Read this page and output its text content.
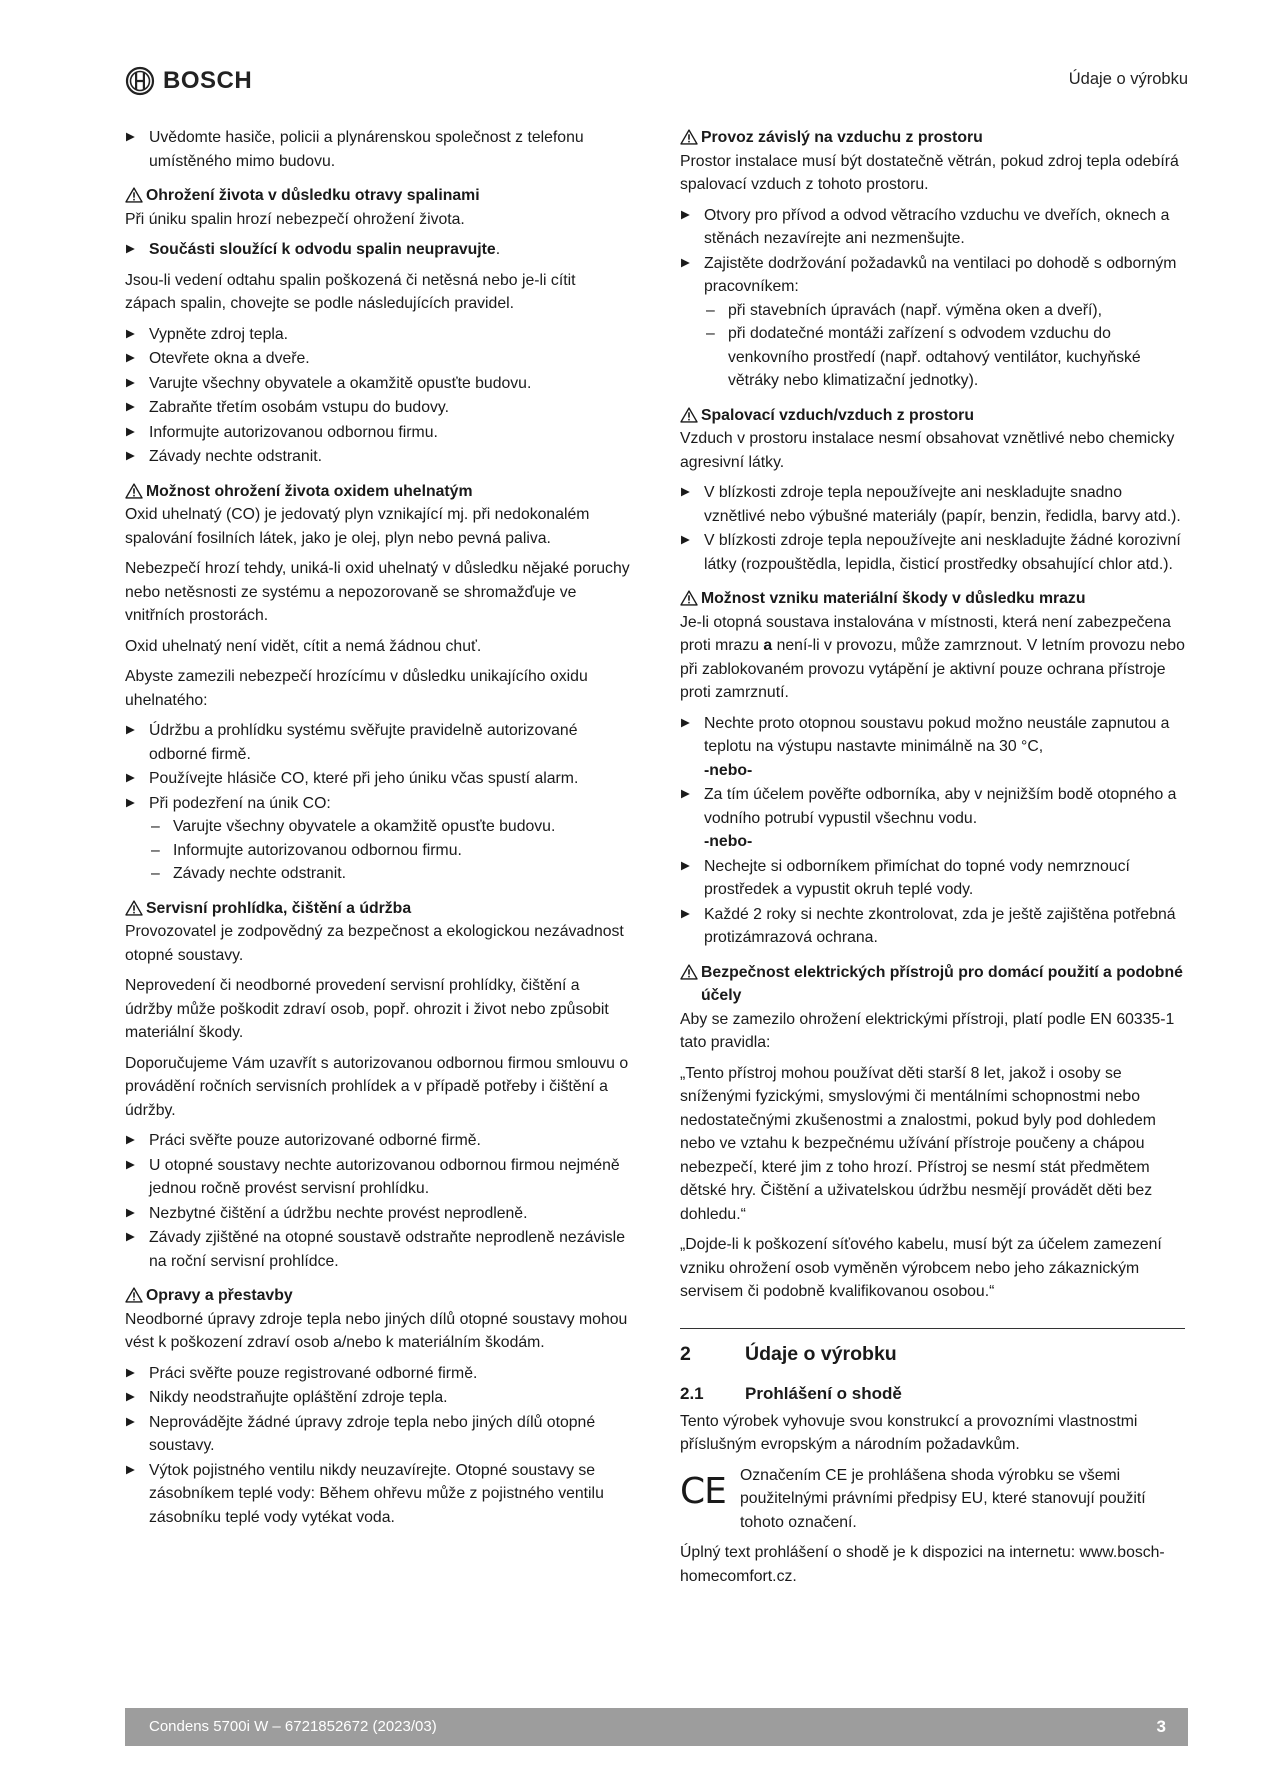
BOSCH	Údaje o výrobku
▶ Uvědomte hasiče, policii a plynárenskou společnost z telefonu umístěného mimo budovu.
Ohrožení života v důsledku otravy spalinami

Při úniku spalin hrozí nebezpečí ohrožení života.

▶ Součásti sloužící k odvodu spalin neupravujte.

Jsou-li vedení odtahu spalin poškozená či netěsná nebo je-li cítit zápach spalin, chovejte se podle následujících pravidel.

▶ Vypněte zdroj tepla.
▶ Otevřete okna a dveře.
▶ Varujte všechny obyvatele a okamžitě opusťte budovu.
▶ Zabraňte třetím osobám vstupu do budovy.
▶ Informujte autorizovanou odbornou firmu.
▶ Závady nechte odstranit.
Možnost ohrožení života oxidem uhelnatým

Oxid uhelnatý (CO) je jedovatý plyn vznikající mj. při nedokonalém spalování fosilních látek, jako je olej, plyn nebo pevná paliva.

Nebezpečí hrozí tehdy, uniká-li oxid uhelnatý v důsledku nějaké poruchy nebo netěsnosti ze systému a nepozorovaně se shromažďuje ve vnitřních prostorách.

Oxid uhelnatý není vidět, cítit a nemá žádnou chuť.

Abyste zamezili nebezpečí hrozícímu v důsledku unikajícího oxidu uhelnatého:

▶ Údržbu a prohlídku systému svěřujte pravidelně autorizované odborné firmě.
▶ Používejte hlásiče CO, které při jeho úniku včas spustí alarm.
▶ Při podezření na únik CO:
– Varujte všechny obyvatele a okamžitě opusťte budovu.
– Informujte autorizovanou odbornou firmu.
– Závady nechte odstranit.
Servisní prohlídka, čištění a údržba

Provozovatel je zodpovědný za bezpečnost a ekologickou nezávadnost otopné soustavy.

Neprovedení či neodborné provedení servisní prohlídky, čištění a údržby může poškodit zdraví osob, popř. ohrozit i život nebo způsobit materiální škody.

Doporučujeme Vám uzavřít s autorizovanou odbornou firmou smlouvu o provádění ročních servisních prohlídek a v případě potřeby i čištění a údržby.

▶ Práci svěřte pouze autorizované odborné firmě.
▶ U otopné soustavy nechte autorizovanou odbornou firmou nejméně jednou ročně provést servisní prohlídku.
▶ Nezbytné čištění a údržbu nechte provést neprodleně.
▶ Závady zjištěné na otopné soustavě odstraňte neprodleně nezávisle na roční servisní prohlídce.
Opravy a přestavby

Neodborné úpravy zdroje tepla nebo jiných dílů otopné soustavy mohou vést k poškození zdraví osob a/nebo k materiálním škodám.

▶ Práci svěřte pouze registrované odborné firmě.
▶ Nikdy neodstraňujte opláštění zdroje tepla.
▶ Neprovádějte žádné úpravy zdroje tepla nebo jiných dílů otopné soustavy.
▶ Výtok pojistného ventilu nikdy neuzavírejte. Otopné soustavy se zásobníkem teplé vody: Během ohřevu může z pojistného ventilu zásobníku teplé vody vytékat voda.
Provoz závislý na vzduchu z prostoru

Prostor instalace musí být dostatečně větrán, pokud zdroj tepla odebírá spalovací vzduch z tohoto prostoru.

▶ Otvory pro přívod a odvod větracího vzduchu ve dveřích, oknech a stěnách nezavírejte ani nezmenšujte.
▶ Zajistěte dodržování požadavků na ventilaci po dohodě s odborným pracovníkem:
– při stavebních úpravách (např. výměna oken a dveří),
– při dodatečné montáži zařízení s odvodem vzduchu do venkovního prostředí (např. odtahový ventilátor, kuchyňské větráky nebo klimatizační jednotky).
Spalovací vzduch/vzduch z prostoru

Vzduch v prostoru instalace nesmí obsahovat vznětlivé nebo chemicky agresivní látky.

▶ V blízkosti zdroje tepla nepoužívejte ani neskladujte snadno vznětlivé nebo výbušné materiály (papír, benzin, ředidla, barvy atd.).
▶ V blízkosti zdroje tepla nepoužívejte ani neskladujte žádné korozivní látky (rozpouštědla, lepidla, čisticí prostředky obsahující chlor atd.).
Možnost vzniku materiální škody v důsledku mrazu

Je-li otopná soustava instalována v místnosti, která není zabezpečena proti mrazu a není-li v provozu, může zamrznout. V letním provozu nebo při zablokovaném provozu vytápění je aktivní pouze ochrana přístroje proti zamrznutí.

▶ Nechte proto otopnou soustavu pokud možno neustále zapnutou a teplotu na výstupu nastavte minimálně na 30 °C,
-nebo-
▶ Za tím účelem pověřte odborníka, aby v nejnižším bodě otopného a vodního potrubí vypustil všechnu vodu.
-nebo-
▶ Nechejte si odborníkem přimíchat do topné vody nemrznoucí prostředek a vypustit okruh teplé vody.
▶ Každé 2 roky si nechte zkontrolovat, zda je ještě zajištěna potřebná protizámrazová ochrana.
Bezpečnost elektrických přístrojů pro domácí použití a podobné účely

Aby se zamezilo ohrožení elektrickými přístroji, platí podle EN 60335-1 tato pravidla:

„Tento přístroj mohou používat děti starší 8 let, jakož i osoby se sníženými fyzickými, smyslovými či mentálními schopnostmi nebo nedostatečnými zkušenostmi a znalostmi, pokud byly pod dohledem nebo ve vztahu k bezpečnému užívání přístroje poučeny a chápou nebezpečí, které jim z toho hrozí. Přístroj se nesmí stát předmětem dětské hry. Čištění a uživatelskou údržbu nesmějí provádět děti bez dohledu.“

„Dojde-li k poškození síťového kabelu, musí být za účelem zamezení vzniku ohrožení osob vyměněn výrobcem nebo jeho zákaznickým servisem či podobně kvalifikovanou osobou.“

2	Údaje o výrobku
2.1	Prohlášení o shodě

Tento výrobek vyhovuje svou konstrukcí a provozními vlastnostmi příslušným evropským a národním požadavkům.

CE Označením CE je prohlášena shoda výrobku se všemi použitelnými právními předpisy EU, které stanovují použití tohoto označení.

Úplný text prohlášení o shodě je k dispozici na internetu: www.bosch-homecomfort.cz.

Condens 5700i W – 6721852672 (2023/03)	3
